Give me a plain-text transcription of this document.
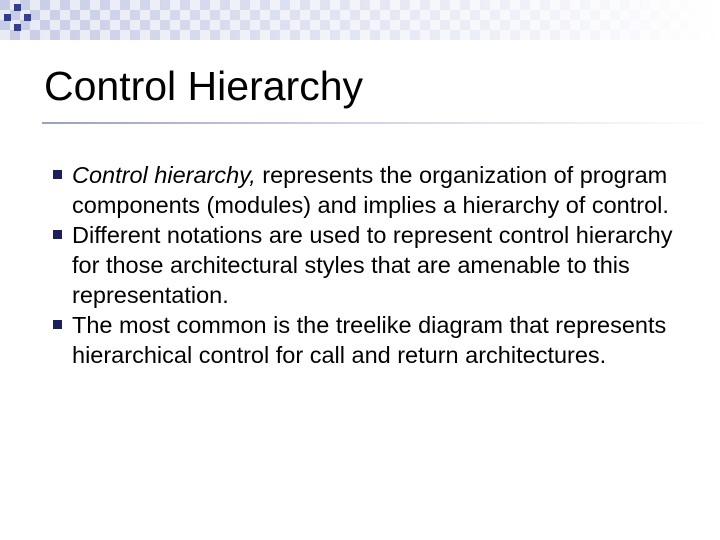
Control Hierarchy
Control hierarchy, represents the organization of program components (modules) and implies a hierarchy of control.
Different notations are used to represent control hierarchy for those architectural styles that are amenable to this representation.
The most common is the treelike diagram that represents hierarchical control for call and return architectures.
